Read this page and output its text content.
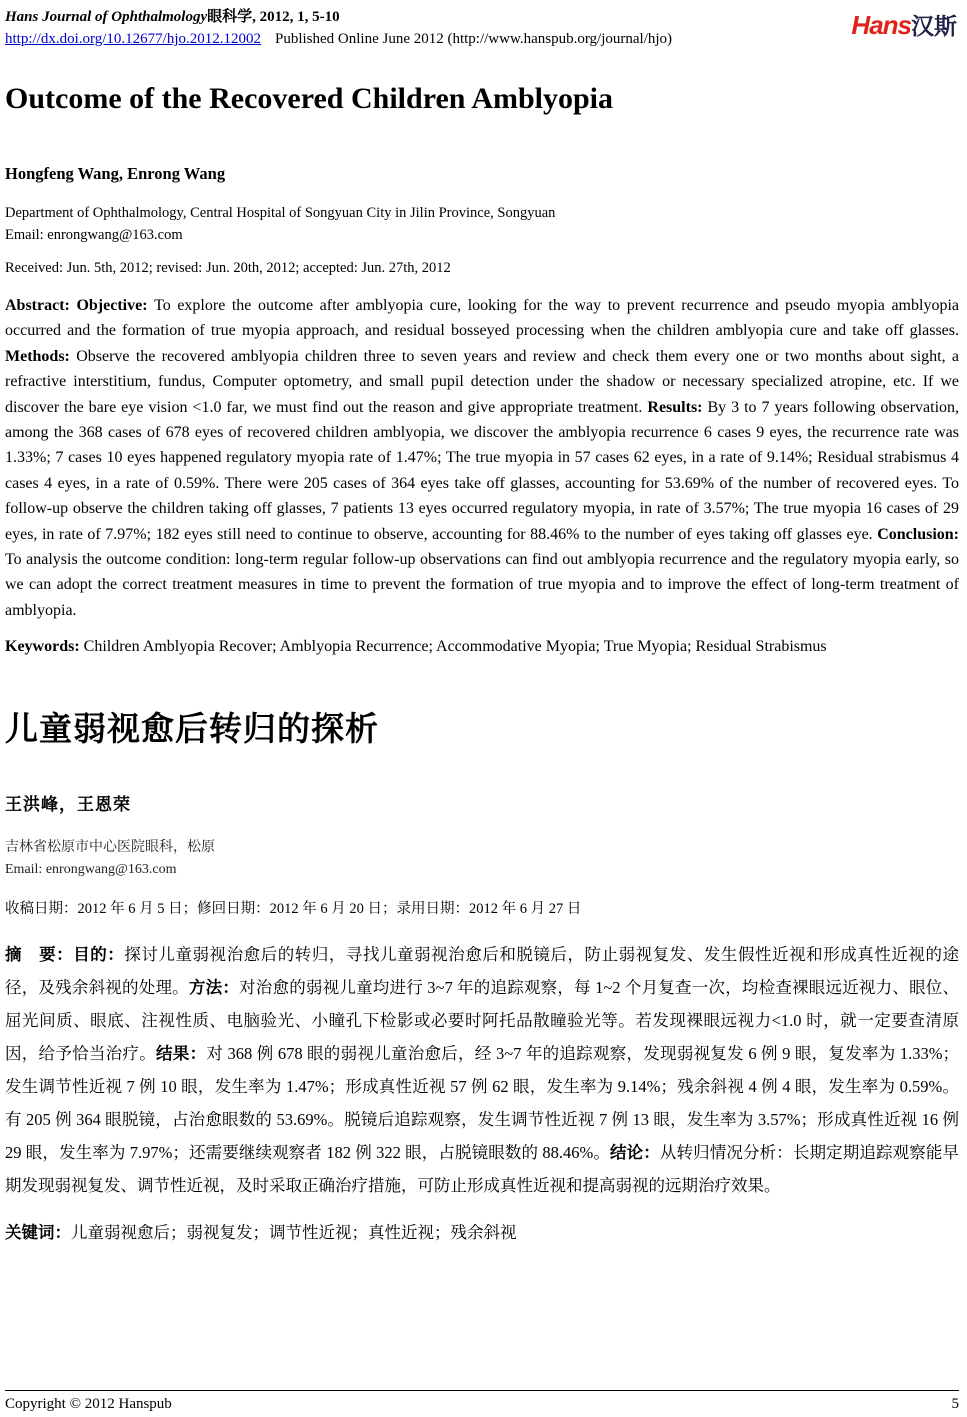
Hans Journal of Ophthalmology眼科学, 2012, 1, 5-10
http://dx.doi.org/10.12677/hjo.2012.12002 Published Online June 2012 (http://www.hanspub.org/journal/hjo)	Hans汉斯
Outcome of the Recovered Children Amblyopia

Hongfeng Wang, Enrong Wang

Department of Ophthalmology, Central Hospital of Songyuan City in Jilin Province, Songyuan

Email: enrongwang@163.com

Received: Jun. 5th, 2012; revised: Jun. 20th, 2012; accepted: Jun. 27th, 2012

Abstract: Objective: To explore the outcome after amblyopia cure, looking for the way to prevent recurrence and pseudo myopia amblyopia occurred and the formation of true myopia approach, and residual bosseyed processing when the children amblyopia cure and take off glasses. Methods: Observe the recovered amblyopia children three to seven years and review and check them every one or two months about sight, a refractive interstitium, fundus, Computer optometry, and small pupil detection under the shadow or necessary specialized atropine, etc. If we discover the bare eye vision <1.0 far, we must find out the reason and give appropriate treatment. Results: By 3 to 7 years following observation, among the 368 cases of 678 eyes of recovered children amblyopia, we discover the amblyopia recurrence 6 cases 9 eyes, the recurrence rate was 1.33%; 7 cases 10 eyes happened regulatory myopia rate of 1.47%; The true myopia in 57 cases 62 eyes, in a rate of 9.14%; Residual strabismus 4 cases 4 eyes, in a rate of 0.59%. There were 205 cases of 364 eyes take off glasses, accounting for 53.69% of the number of recovered eyes. To follow-up observe the children taking off glasses, 7 patients 13 eyes occurred regulatory myopia, in rate of 3.57%; The true myopia 16 cases of 29 eyes, in rate of 7.97%; 182 eyes still need to continue to observe, accounting for 88.46% to the number of eyes taking off glasses eye. Conclusion: To analysis the outcome condition: long-term regular follow-up observations can find out amblyopia recurrence and the regulatory myopia early, so we can adopt the correct treatment measures in time to prevent the formation of true myopia and to improve the effect of long-term treatment of amblyopia.

Keywords: Children Amblyopia Recover; Amblyopia Recurrence; Accommodative Myopia; True Myopia; Residual Strabismus

儿童弱视愈后转归的探析

王洪峰，王恩荣

吉林省松原市中心医院眼科，松原

Email: enrongwang@163.com

收稿日期：2012 年 6 月 5 日；修回日期：2012 年 6 月 20 日；录用日期：2012 年 6 月 27 日

摘　要：目的：探讨儿童弱视治愈后的转归，寻找儿童弱视治愈后和脱镜后，防止弱视复发、发生假性近视和形成真性近视的途径，及残余斜视的处理。方法：对治愈的弱视儿童均进行 3~7 年的追踪观察，每 1~2 个月复查一次，均检查裸眼远近视力、眼位、屈光间质、眼底、注视性质、电脑验光、小瞳孔下检影或必要时阿托品散瞳验光等。若发现裸眼远视力<1.0 时，就一定要查清原因，给予恰当治疗。结果：对 368 例 678 眼的弱视儿童治愈后，经 3~7 年的追踪观察，发现弱视复发 6 例 9 眼，复发率为 1.33%；发生调节性近视 7 例 10 眼，发生率为 1.47%；形成真性近视 57 例 62 眼，发生率为 9.14%；残余斜视 4 例 4 眼，发生率为 0.59%。有 205 例 364 眼脱镜，占治愈眼数的 53.69%。脱镜后追踪观察，发生调节性近视 7 例 13 眼，发生率为 3.57%；形成真性近视 16 例 29 眼，发生率为 7.97%；还需要继续观察者 182 例 322 眼，占脱镜眼数的 88.46%。结论：从转归情况分析：长期定期追踪观察能早期发现弱视复发、调节性近视，及时采取正确治疗措施，可防止形成真性近视和提高弱视的远期治疗效果。

关键词：儿童弱视愈后；弱视复发；调节性近视；真性近视；残余斜视

Copyright © 2012 Hanspub	5
